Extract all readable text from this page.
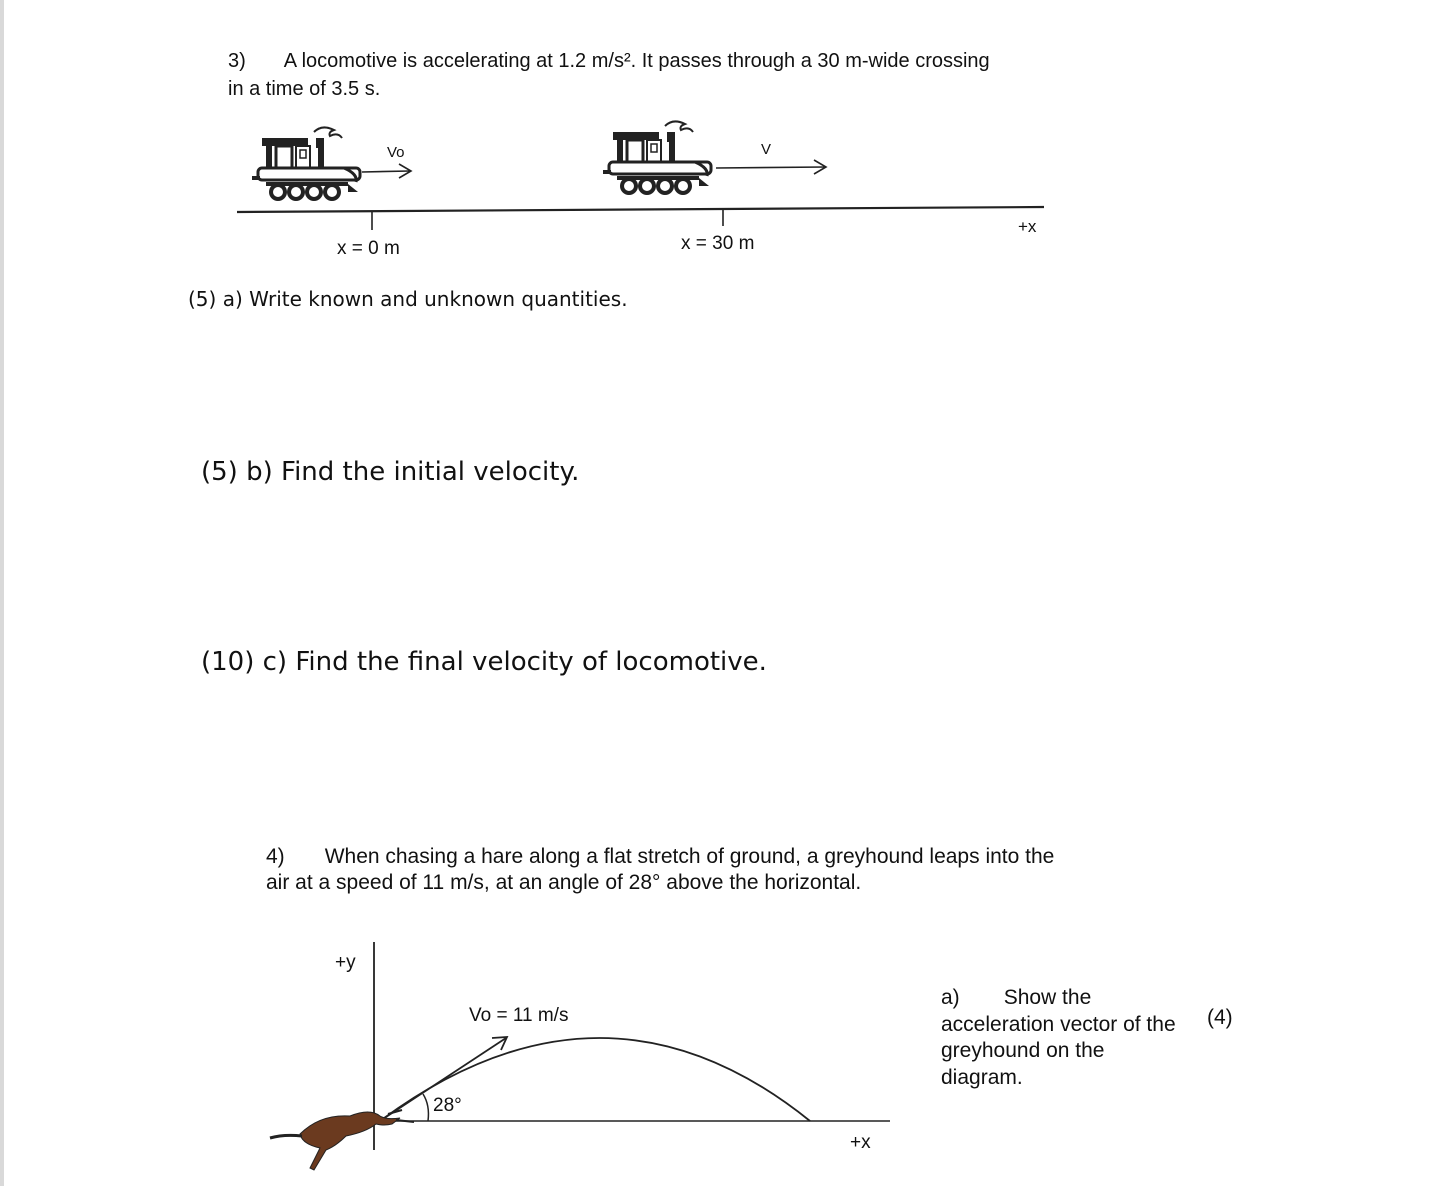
3) A locomotive is accelerating at 1.2 m/s². It passes through a 30 m-wide crossing
in a time of 3.5 s.
Vo	V
x = 0 m	x = 30 m
+x
(5) a) Write known and unknown quantities.
(5) b) Find the initial velocity.
(10) c) Find the final velocity of locomotive.
4) When chasing a hare along a flat stretch of ground, a greyhound leaps into the
air at a speed of 11 m/s, at an angle of 28° above the horizontal.
+y
+x
Vo = 11 m/s
28°
a) Show the acceleration vector of the greyhound on the diagram.
(4)
